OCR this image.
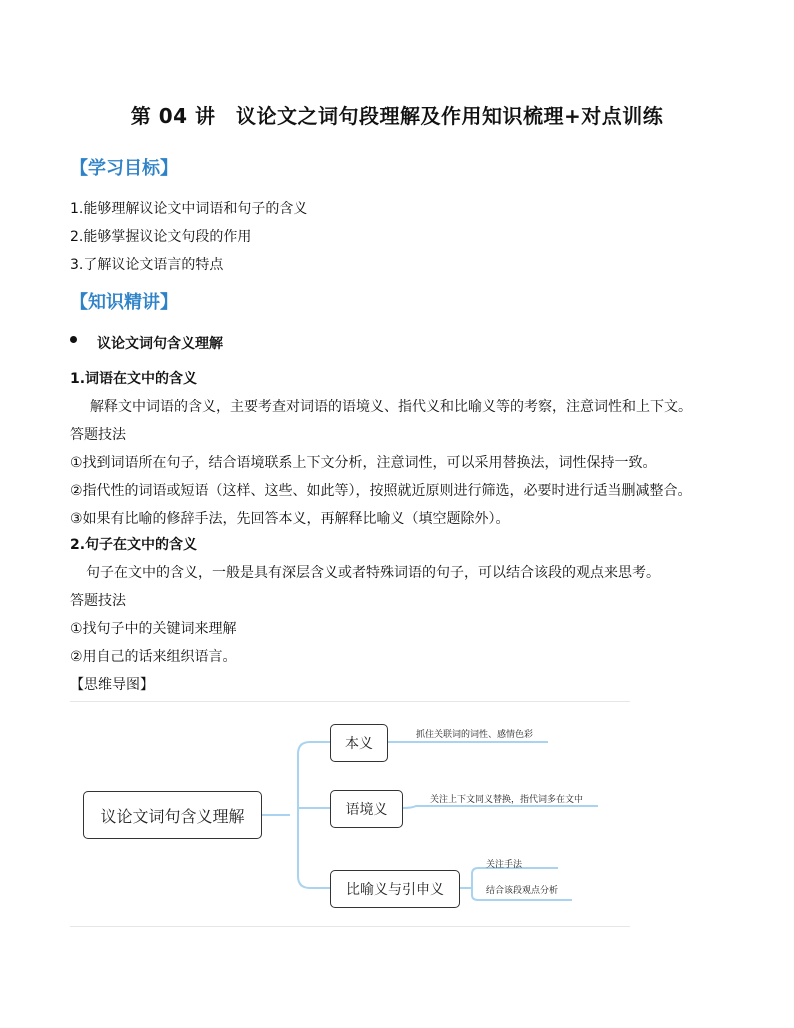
第 04 讲　议论文之词句段理解及作用知识梳理+对点训练
【学习目标】
1.能够理解议论文中词语和句子的含义
2.能够掌握议论文句段的作用
3.了解议论文语言的特点
【知识精讲】
议论文词句含义理解
1.词语在文中的含义
解释文中词语的含义，主要考查对词语的语境义、指代义和比喻义等的考察，注意词性和上下文。
答题技法
①找到词语所在句子，结合语境联系上下文分析，注意词性，可以采用替换法，词性保持一致。
②指代性的词语或短语（这样、这些、如此等），按照就近原则进行筛选，必要时进行适当删减整合。
③如果有比喻的修辞手法，先回答本义，再解释比喻义（填空题除外）。
2.句子在文中的含义
句子在文中的含义，一般是具有深层含义或者特殊词语的句子，可以结合该段的观点来思考。
答题技法
①找句子中的关键词来理解
②用自己的话来组织语言。
【思维导图】
议论文词句含义理解
本义
语境义
比喻义与引申义
抓住关联词的词性、感情色彩
关注上下文同义替换，指代词多在文中
关注手法
结合该段观点分析
